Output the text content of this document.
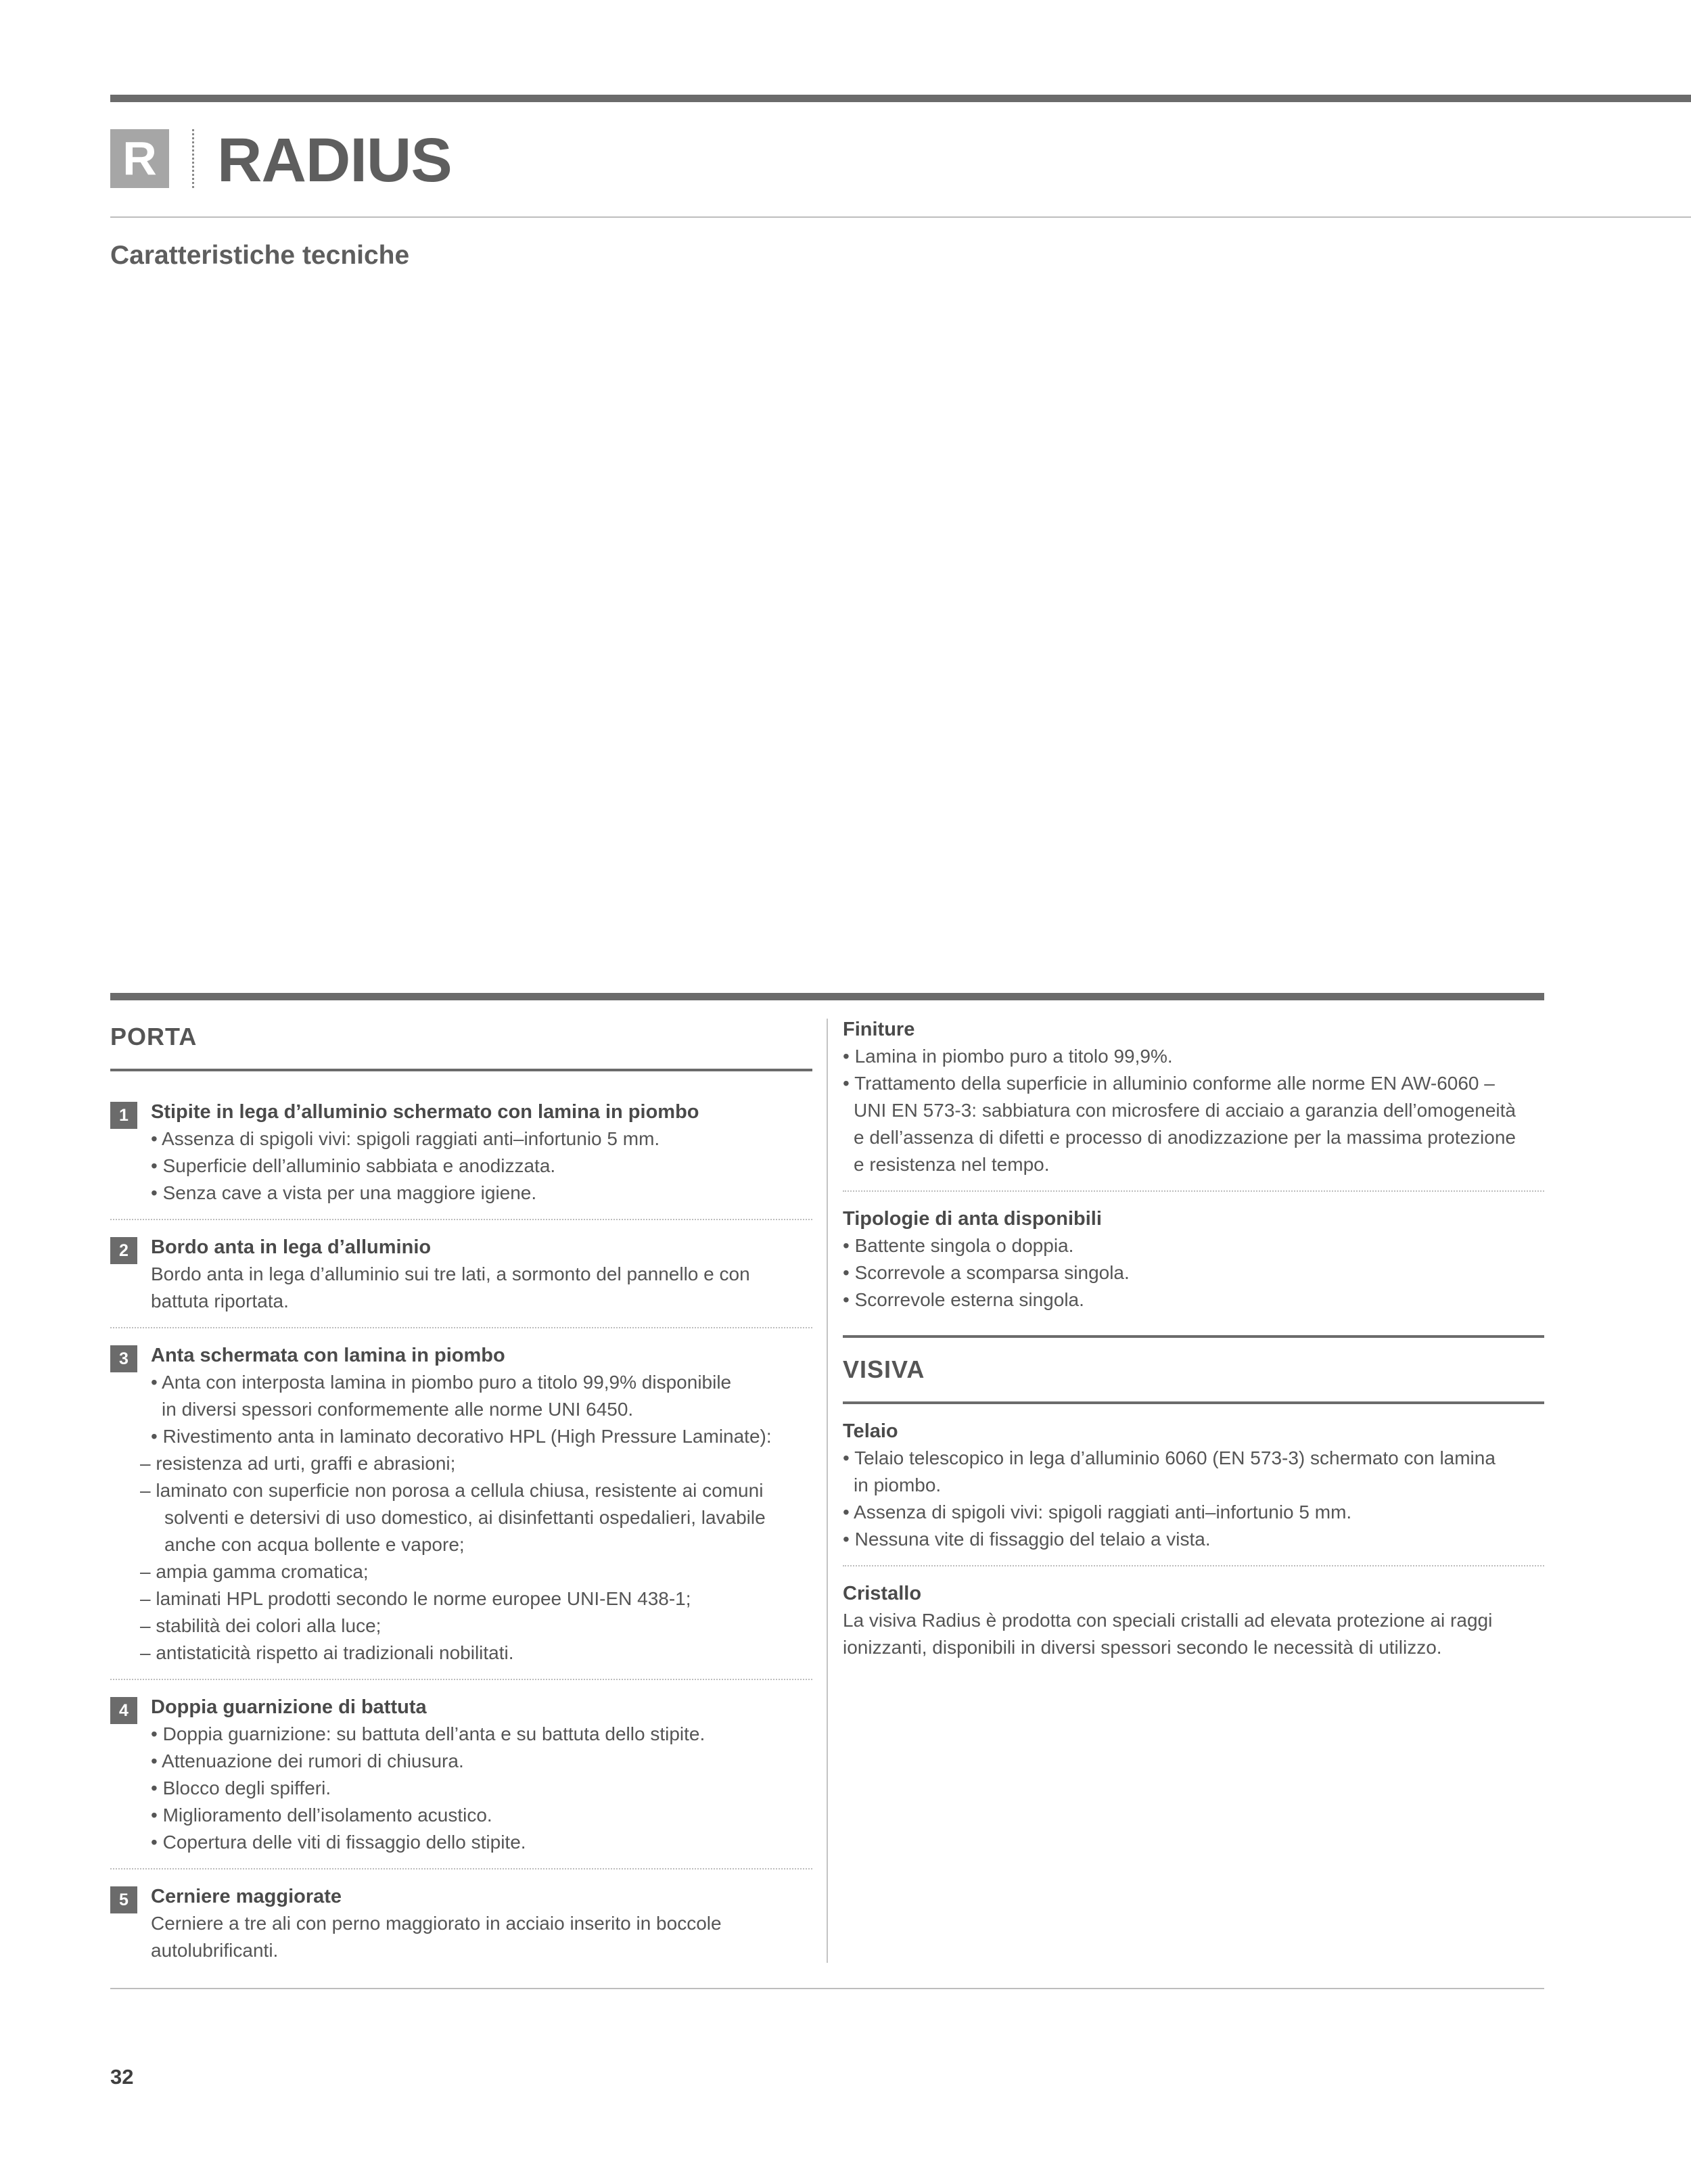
R RADIUS
Caratteristiche tecniche
PORTA
1	Stipite in lega d’alluminio schermato con lamina in piombo
• Assenza di spigoli vivi: spigoli raggiati anti–infortunio 5 mm.
• Superficie dell’alluminio sabbiata e anodizzata.
• Senza cave a vista per una maggiore igiene.
2	Bordo anta in lega d’alluminio
Bordo anta in lega d’alluminio sui tre lati, a sormonto del pannello e con
battuta riportata.
3	Anta schermata con lamina in piombo
• Anta con interposta lamina in piombo puro a titolo 99,9% disponibile
in diversi spessori conformemente alle norme UNI 6450.
• Rivestimento anta in laminato decorativo HPL (High Pressure Laminate):
– resistenza ad urti, graffi e abrasioni;
– laminato con superficie non porosa a cellula chiusa, resistente ai comuni
solventi e detersivi di uso domestico, ai disinfettanti ospedalieri, lavabile
anche con acqua bollente e vapore;
– ampia gamma cromatica;
– laminati HPL prodotti secondo le norme europee UNI-EN 438-1;
– stabilità dei colori alla luce;
– antistaticità rispetto ai tradizionali nobilitati.
4	Doppia guarnizione di battuta
• Doppia guarnizione: su battuta dell’anta e su battuta dello stipite.
• Attenuazione dei rumori di chiusura.
• Blocco degli spifferi.
• Miglioramento dell’isolamento acustico.
• Copertura delle viti di fissaggio dello stipite.
5	Cerniere maggiorate
Cerniere a tre ali con perno maggiorato in acciaio inserito in boccole
autolubrificanti.
Finiture
• Lamina in piombo puro a titolo 99,9%.
• Trattamento della superficie in alluminio conforme alle norme EN AW-6060 –
UNI EN 573-3: sabbiatura con microsfere di acciaio a garanzia dell’omogeneità
e dell’assenza di difetti e processo di anodizzazione per la massima protezione
e resistenza nel tempo.
Tipologie di anta disponibili
• Battente singola o doppia.
• Scorrevole a scomparsa singola.
• Scorrevole esterna singola.
VISIVA
Telaio
• Telaio telescopico in lega d’alluminio 6060 (EN 573-3) schermato con lamina
in piombo.
• Assenza di spigoli vivi: spigoli raggiati anti–infortunio 5 mm.
• Nessuna vite di fissaggio del telaio a vista.
Cristallo
La visiva Radius è prodotta con speciali cristalli ad elevata protezione ai raggi
ionizzanti, disponibili in diversi spessori secondo le necessità di utilizzo.
32
